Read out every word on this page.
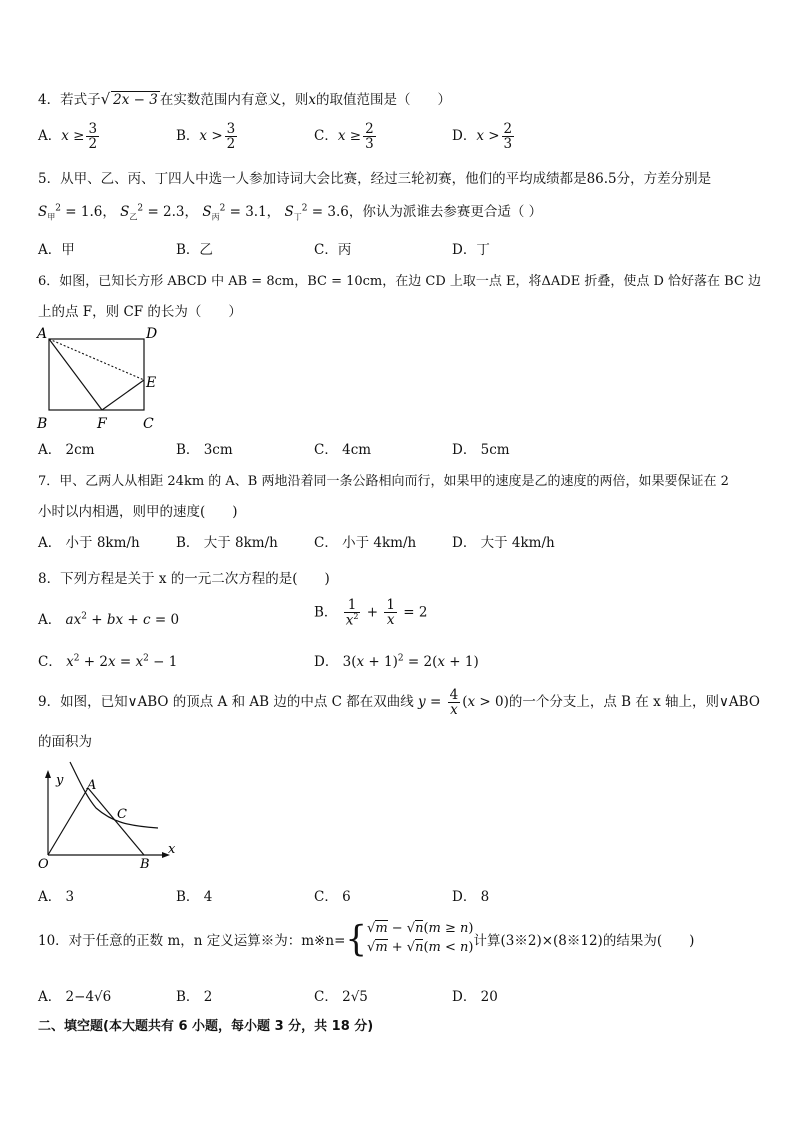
4．若式子√ 2x − 3 在实数范围内有意义，则x的取值范围是（　　）
A．$x \ge \frac{3}{2}$	B．$x > \frac{3}{2}$	C．$x \ge \frac{2}{3}$	D．$x > \frac{2}{3}$
5．从甲、乙、丙、丁四人中选一人参加诗词大会比赛，经过三轮初赛，他们的平均成绩都是86.5分，方差分别是
$S_甲^2 = 1.6$， $S_乙^2 = 2.3$， $S_丙^2 = 3.1$， $S_丁^2 = 3.6$，你认为派谁去参赛更合适（ ）
A．甲	B．乙	C．丙	D．丁
6．如图，已知长方形 ABCD 中 AB = 8cm，BC = 10cm，在边 CD 上取一点 E，将ΔADE 折叠，使点 D 恰好落在 BC 边
上的点 F，则 CF 的长为（　　）
A	D
E
B	F	C
A． 2cm	B． 3cm	C． 4cm	D． 5cm
7．甲、乙两人从相距 24km 的 A、B 两地沿着同一条公路相向而行，如果甲的速度是乙的速度的两倍，如果要保证在 2
小时以内相遇，则甲的速度(　　)
A． 小于 8km/h	B． 大于 8km/h	C． 小于 4km/h	D． 大于 4km/h
8．下列方程是关于 x 的一元二次方程的是(　　)
A． $ax^2$ + bx + c = 0	B． $\frac{1}{x^2} + \frac{1}{x} = 2$
C． $x^2 + 2x = x^2 - 1$	D． $3(x + 1)^2 = 2(x + 1)$
9．如图，已知∨ABO 的顶点 A 和 AB 边的中点 C 都在双曲线 $y = \frac{4}{x} (x > 0)$的一个分支上，点 B 在 x 轴上，则∨ABO
的面积为
y
x
O
A
C
B
A． 3	B． 4	C． 6	D． 8
10．对于任意的正数 m，n 定义运算※为：m※n={√m − √n(m ≥ n)
√m + √n(m < n)计算(3※2)×(8※12)的结果为(　　)
A． 2−4√6	B． 2	C． 2√5	D． 20
二、填空题(本大题共有 6 小题，每小题 3 分，共 18 分)
